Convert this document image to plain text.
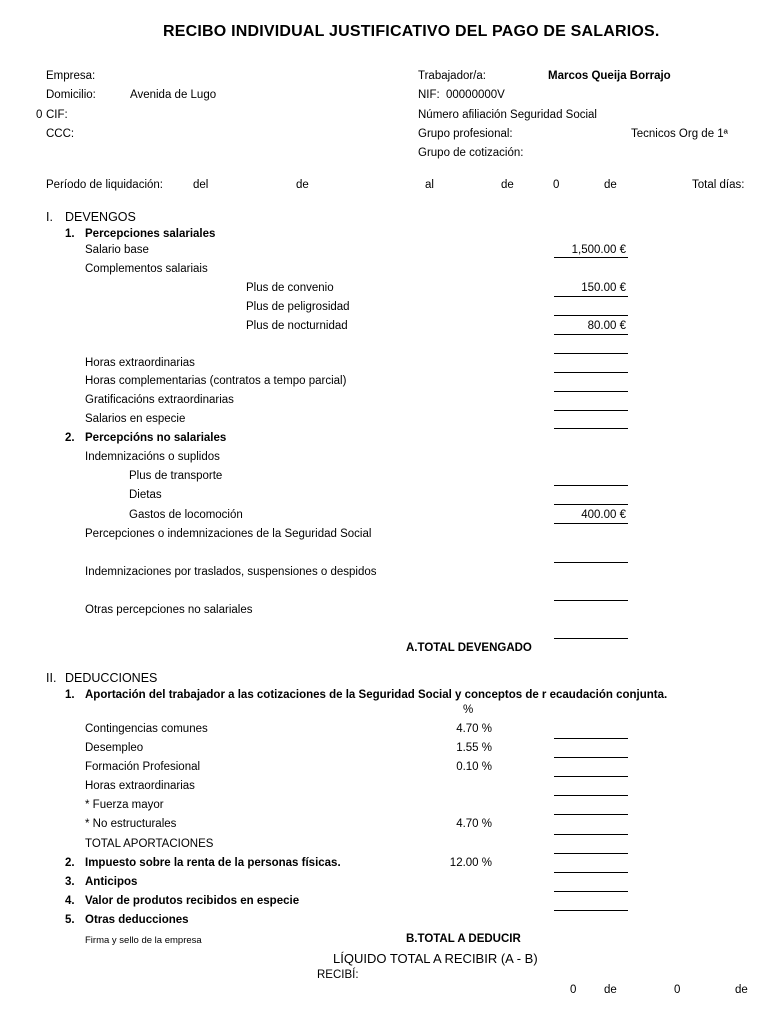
RECIBO INDIVIDUAL JUSTIFICATIVO DEL PAGO DE SALARIOS.
Empresa:
Domicilio:	Avenida de Lugo
0 CIF:
CCC:
Trabajador/a:	Marcos Queija Borrajo
NIF: 00000000V
Número afiliación Seguridad Social
Grupo profesional:	Tecnicos Org de 1ª
Grupo de cotización:
Período de liquidación:	del	de	al	de	0	de	Total días:
I. DEVENGOS
1. Percepciones salariales
Salario base	1,500.00 €
Complementos salariais
Plus de convenio	150.00 €
Plus de peligrosidad
Plus de nocturnidad	80.00 €
Horas extraordinarias
Horas complementarias (contratos a tempo parcial)
Gratificacións extraordinarias
Salarios en especie
2. Percepcións no salariales
Indemnizacións o suplidos
Plus de transporte
Dietas
Gastos de locomoción	400.00 €
Percepciones o indemnizaciones de la Seguridad Social
Indemnizaciones por traslados, suspensiones o despidos
Otras percepciones no salariales
A.TOTAL DEVENGADO
II. DEDUCCIONES
1. Aportación del trabajador a las cotizaciones de la Seguridad Social y conceptos de r ecaudación conjunta.
%
Contingencias comunes	4.70 %
Desempleo	1.55 %
Formación Profesional	0.10 %
Horas extraordinarias
* Fuerza mayor
* No estructurales	4.70 %
TOTAL APORTACIONES
2. Impuesto sobre la renta de la personas físicas.	12.00 %
3. Anticipos
4. Valor de produtos recibidos en especie
5. Otras deducciones
Firma y sello de la empresa	B.TOTAL A DEDUCIR
LÍQUIDO TOTAL A RECIBIR (A - B)
RECIBÍ:
0 de	0	de
